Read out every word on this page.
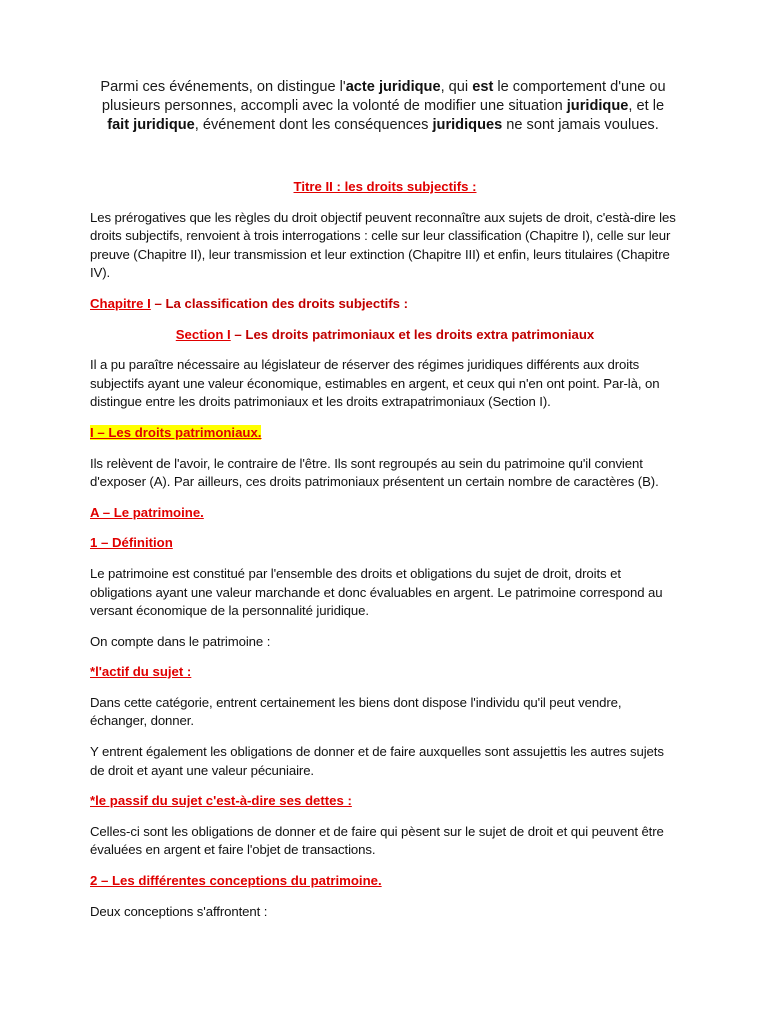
Parmi ces événements, on distingue l'acte juridique, qui est le comportement d'une ou plusieurs personnes, accompli avec la volonté de modifier une situation juridique, et le fait juridique, événement dont les conséquences juridiques ne sont jamais voulues.

Titre II : les droits subjectifs :

Les prérogatives que les règles du droit objectif peuvent reconnaître aux sujets de droit, c'està-dire les droits subjectifs, renvoient à trois interrogations : celle sur leur classification (Chapitre I), celle sur leur preuve (Chapitre II), leur transmission et leur extinction (Chapitre III) et enfin, leurs titulaires (Chapitre IV).

Chapitre I – La classification des droits subjectifs :

Section I – Les droits patrimoniaux et les droits extra patrimoniaux

Il a pu paraître nécessaire au législateur de réserver des régimes juridiques différents aux droits subjectifs ayant une valeur économique, estimables en argent, et ceux qui n'en ont point. Par-là, on distingue entre les droits patrimoniaux et les droits extrapatrimoniaux (Section I).

I – Les droits patrimoniaux.

Ils relèvent de l'avoir, le contraire de l'être. Ils sont regroupés au sein du patrimoine qu'il convient d'exposer (A). Par ailleurs, ces droits patrimoniaux présentent un certain nombre de caractères (B).

A – Le patrimoine.

1 – Définition

Le patrimoine est constitué par l'ensemble des droits et obligations du sujet de droit, droits et obligations ayant une valeur marchande et donc évaluables en argent. Le patrimoine correspond au versant économique de la personnalité juridique.

On compte dans le patrimoine :

*l'actif du sujet :

Dans cette catégorie, entrent certainement les biens dont dispose l'individu qu'il peut vendre, échanger, donner.

Y entrent également les obligations de donner et de faire auxquelles sont assujettis les autres sujets de droit et ayant une valeur pécuniaire.

*le passif du sujet c'est-à-dire ses dettes :

Celles-ci sont les obligations de donner et de faire qui pèsent sur le sujet de droit et qui peuvent être évaluées en argent et faire l'objet de transactions.

2 – Les différentes conceptions du patrimoine.

Deux conceptions s'affrontent :
